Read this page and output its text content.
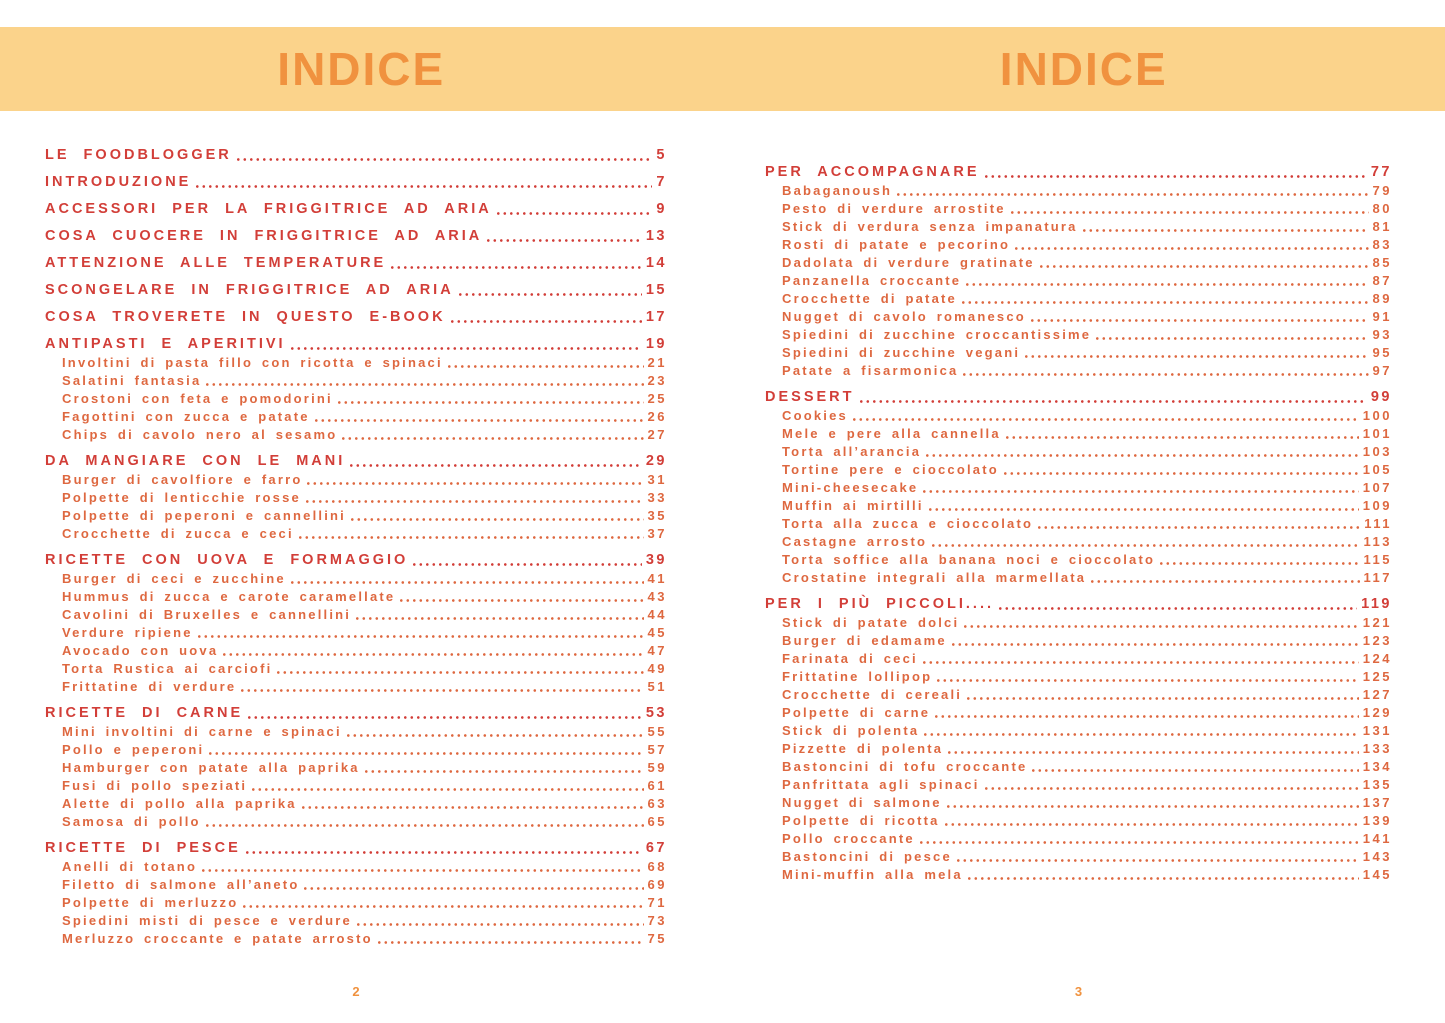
INDICE	INDICE
LE FOODBLOGGER	5
INTRODUZIONE	7
ACCESSORI PER LA FRIGGITRICE AD ARIA	9
COSA CUOCERE IN FRIGGITRICE AD ARIA	13
ATTENZIONE ALLE TEMPERATURE	14
SCONGELARE IN FRIGGITRICE AD ARIA	15
COSA TROVERETE IN QUESTO E-BOOK	17
ANTIPASTI E APERITIVI	19
Involtini di pasta fillo con ricotta e spinaci	21
Salatini fantasia	23
Crostoni con feta e pomodorini	25
Fagottini con zucca e patate	26
Chips di cavolo nero al sesamo	27
DA MANGIARE CON LE MANI	29
Burger di cavolfiore e farro	31
Polpette di lenticchie rosse	33
Polpette di peperoni e cannellini	35
Crocchette di zucca e ceci	37
RICETTE CON UOVA E FORMAGGIO	39
Burger di ceci e zucchine	41
Hummus di zucca e carote caramellate	43
Cavolini di Bruxelles e cannellini	44
Verdure ripiene	45
Avocado con uova	47
Torta Rustica ai carciofi	49
Frittatine di verdure	51
RICETTE DI CARNE	53
Mini involtini di carne e spinaci	55
Pollo e peperoni	57
Hamburger con patate alla paprika	59
Fusi di pollo speziati	61
Alette di pollo alla paprika	63
Samosa di pollo	65
RICETTE DI PESCE	67
Anelli di totano	68
Filetto di salmone all’aneto	69
Polpette di merluzzo	71
Spiedini misti di pesce e verdure	73
Merluzzo croccante e patate arrosto	75
PER ACCOMPAGNARE	77
Babaganoush	79
Pesto di verdure arrostite	80
Stick di verdura senza impanatura	81
Rosti di patate e pecorino	83
Dadolata di verdure gratinate	85
Panzanella croccante	87
Crocchette di patate	89
Nugget di cavolo romanesco	91
Spiedini di zucchine croccantissime	93
Spiedini di zucchine vegani	95
Patate a fisarmonica	97
DESSERT	99
Cookies	100
Mele e pere alla cannella	101
Torta all’arancia	103
Tortine pere e cioccolato	105
Mini-cheesecake	107
Muffin ai mirtilli	109
Torta alla zucca e cioccolato	111
Castagne arrosto	113
Torta soffice alla banana noci e cioccolato	115
Crostatine integrali alla marmellata	117
PER I PIÙ PICCOLI....	119
Stick di patate dolci	121
Burger di edamame	123
Farinata di ceci	124
Frittatine lollipop	125
Crocchette di cereali	127
Polpette di carne	129
Stick di polenta	131
Pizzette di polenta	133
Bastoncini di tofu croccante	134
Panfrittata agli spinaci	135
Nugget di salmone	137
Polpette di ricotta	139
Pollo croccante	141
Bastoncini di pesce	143
Mini-muffin alla mela	145
2	3
